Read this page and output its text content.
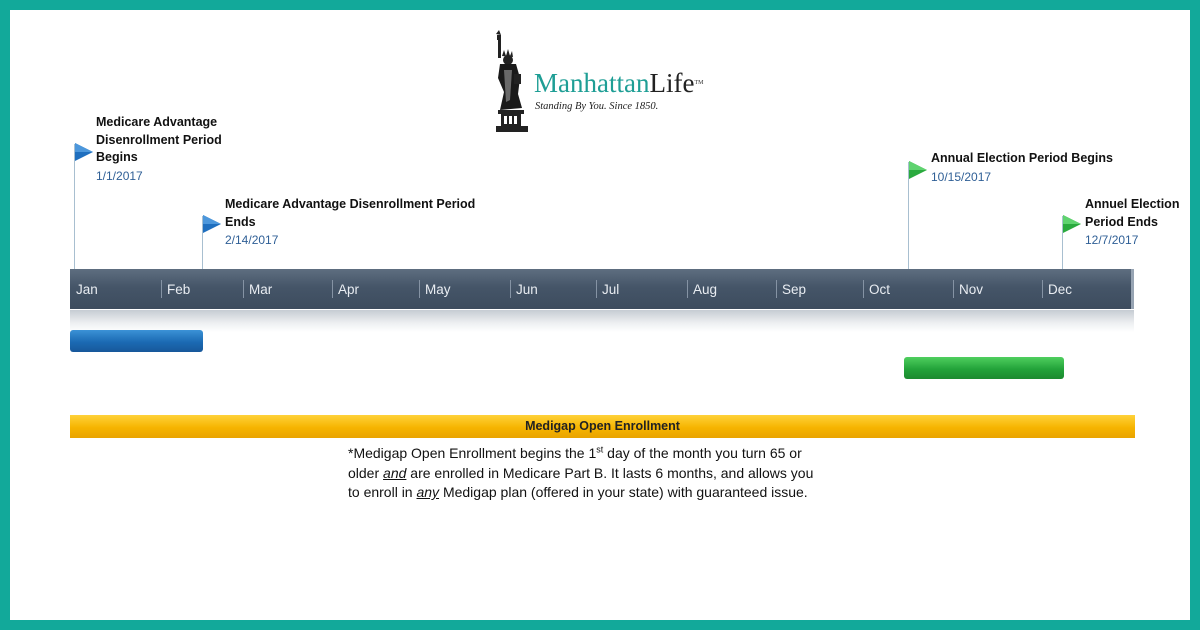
ManhattanLifeTM
Standing By You. Since 1850.
Medicare Advantage Disenrollment Period Begins
1/1/2017
Medicare Advantage Disenrollment Period Ends
2/14/2017
Annual Election Period Begins
10/15/2017
Annuel Election Period Ends
12/7/2017
Jan	Feb	Mar	Apr	May	Jun	Jul	Aug	Sep	Oct	Nov	Dec
Medigap Open Enrollment
*Medigap Open Enrollment begins the 1st day of the month you turn 65 or older and are enrolled in Medicare Part B. It lasts 6 months, and allows you to enroll in any Medigap plan (offered in your state) with guaranteed issue.
